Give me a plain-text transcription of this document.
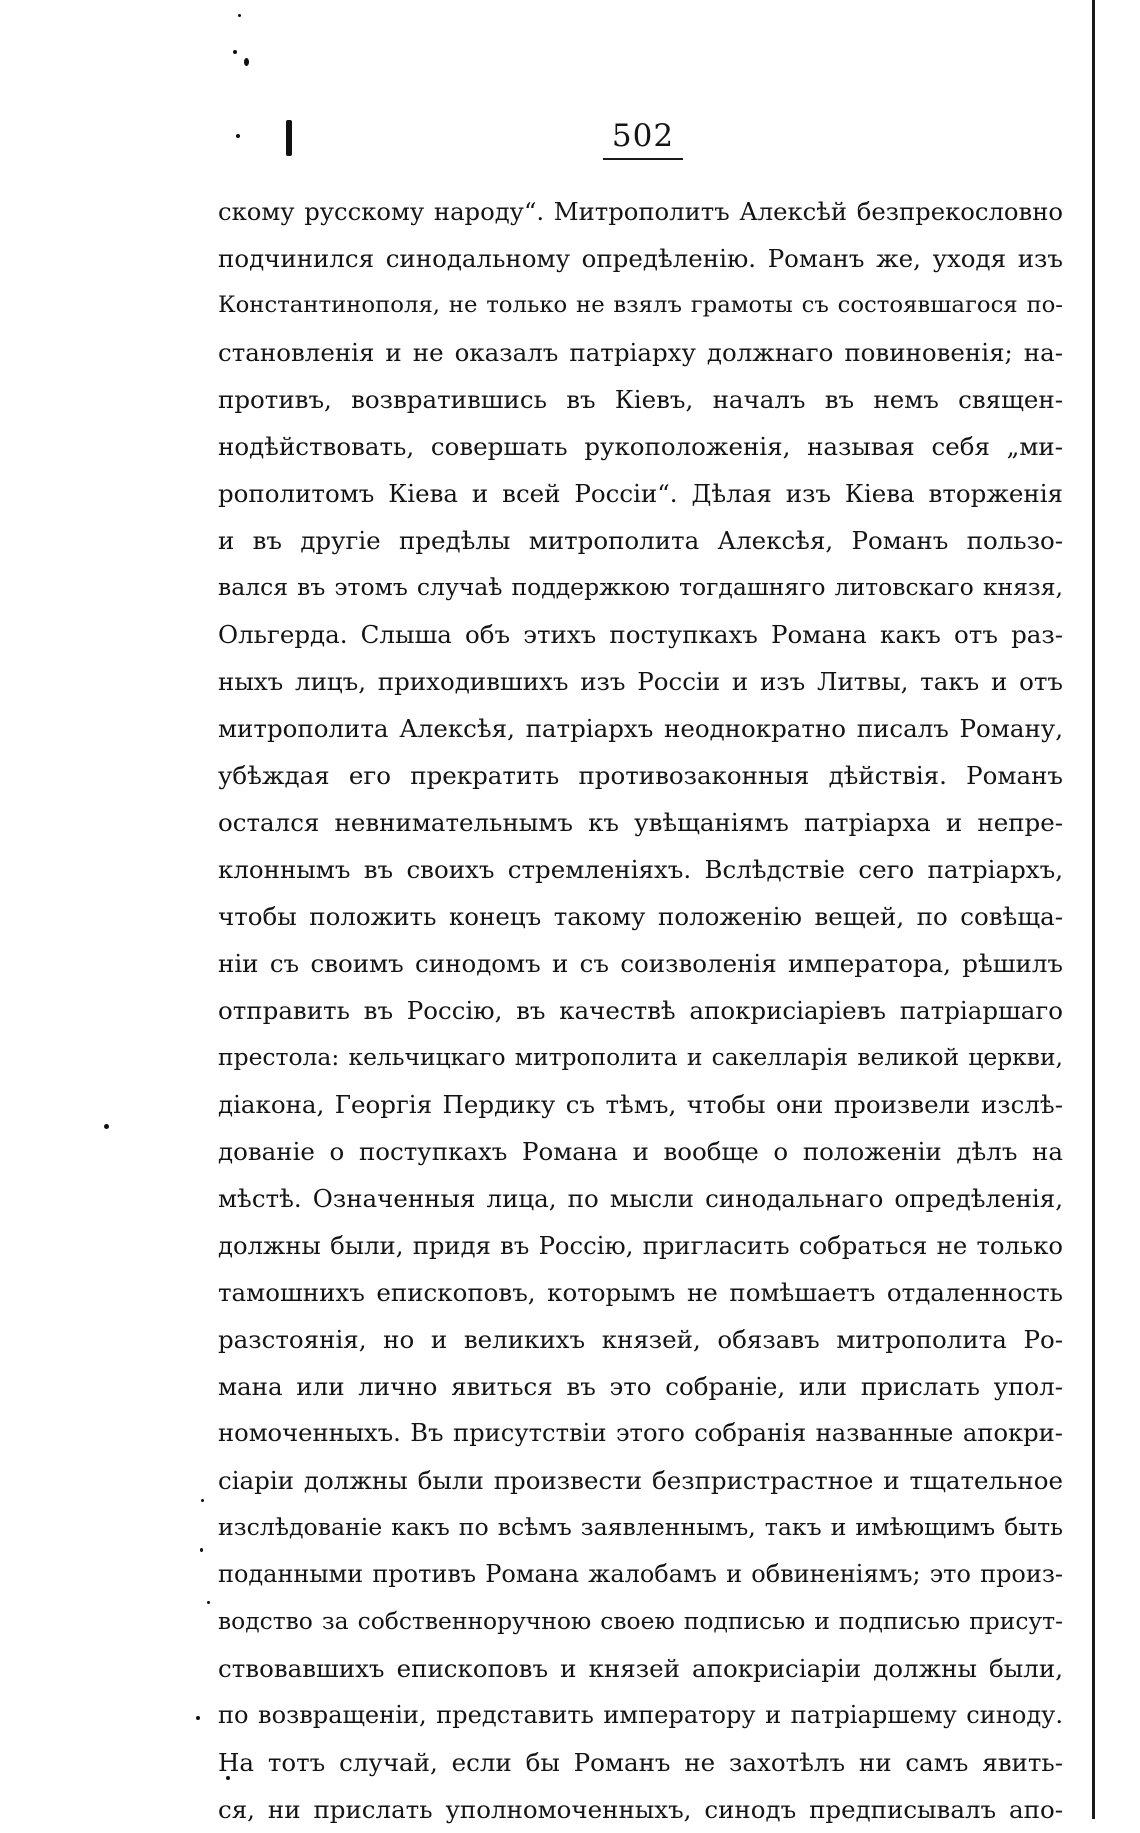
502
скому русскому народу“. Митрополитъ Алексѣй безпрекословно
подчинился синодальному опредѣленію. Романъ же, уходя изъ
Константинополя, не только не взялъ грамоты съ состоявшагося по-
становленія и не оказалъ патріарху должнаго повиновенія; на-
противъ, возвратившись въ Кіевъ, началъ въ немъ священ-
нодѣйствовать, совершать рукоположенія, называя себя „ми-
рополитомъ Кіева и всей Россіи“. Дѣлая изъ Кіева вторженія
и въ другіе предѣлы митрополита Алексѣя, Романъ пользо-
вался въ этомъ случаѣ поддержкою тогдашняго литовскаго князя,
Ольгерда. Слыша объ этихъ поступкахъ Романа какъ отъ раз-
ныхъ лицъ, приходившихъ изъ Россіи и изъ Литвы, такъ и отъ
митрополита Алексѣя, патріархъ неоднократно писалъ Роману,
убѣждая его прекратить противозаконныя дѣйствія. Романъ
остался невнимательнымъ къ увѣщаніямъ патріарха и непре-
клоннымъ въ своихъ стремленіяхъ. Вслѣдствіе сего патріархъ,
чтобы положить конецъ такому положенію вещей, по совѣща-
ніи съ своимъ синодомъ и съ соизволенія императора, рѣшилъ
отправить въ Россію, въ качествѣ апокрисіаріевъ патріаршаго
престола: кельчицкаго митрополита и сакелларія великой церкви,
діакона, Георгія Пердику съ тѣмъ, чтобы они произвели изслѣ-
дованіе о поступкахъ Романа и вообще о положеніи дѣлъ на
мѣстѣ. Означенныя лица, по мысли синодальнаго опредѣленія,
должны были, придя въ Россію, пригласить собраться не только
тамошнихъ епископовъ, которымъ не помѣшаетъ отдаленность
разстоянія, но и великихъ князей, обязавъ митрополита Ро-
мана или лично явиться въ это собраніе, или прислать упол-
номоченныхъ. Въ присутствіи этого собранія названные апокри-
сіаріи должны были произвести безпристрастное и тщательное
изслѣдованіе какъ по всѣмъ заявленнымъ, такъ и имѣющимъ быть
поданными противъ Романа жалобамъ и обвиненіямъ; это произ-
водство за собственноручною своею подписью и подписью присут-
ствовавшихъ епископовъ и князей апокрисіаріи должны были,
по возвращеніи, представить императору и патріаршему синоду.
На тотъ случай, если бы Романъ не захотѣлъ ни самъ явить-
ся, ни прислать уполномоченныхъ, синодъ предписывалъ апо-
